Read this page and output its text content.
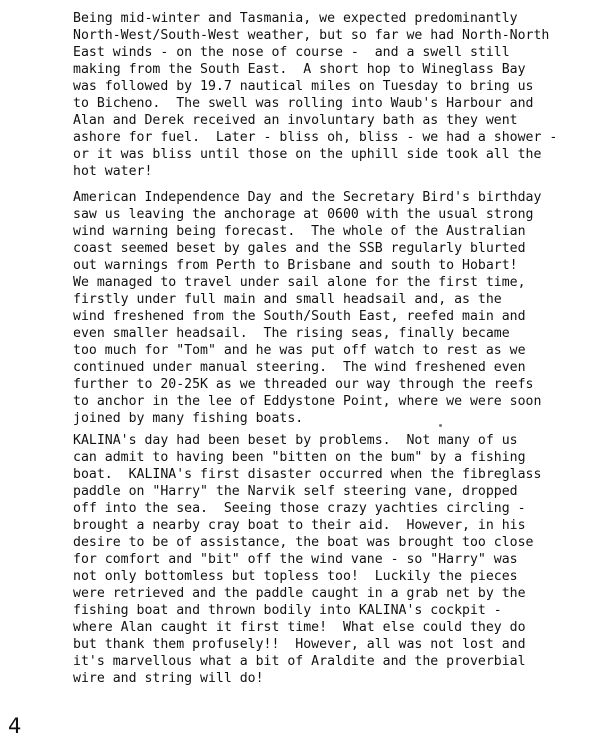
Being mid-winter and Tasmania, we expected predominantly
North-West/South-West weather, but so far we had North-North
East winds - on the nose of course -  and a swell still
making from the South East.  A short hop to Wineglass Bay
was followed by 19.7 nautical miles on Tuesday to bring us
to Bicheno.  The swell was rolling into Waub's Harbour and
Alan and Derek received an involuntary bath as they went
ashore for fuel.  Later - bliss oh, bliss - we had a shower -
or it was bliss until those on the uphill side took all the
hot water!
American Independence Day and the Secretary Bird's birthday
saw us leaving the anchorage at 0600 with the usual strong
wind warning being forecast.  The whole of the Australian
coast seemed beset by gales and the SSB regularly blurted
out warnings from Perth to Brisbane and south to Hobart!
We managed to travel under sail alone for the first time,
firstly under full main and small headsail and, as the
wind freshened from the South/South East, reefed main and
even smaller headsail.  The rising seas, finally became
too much for "Tom" and he was put off watch to rest as we
continued under manual steering.  The wind freshened even
further to 20-25K as we threaded our way through the reefs
to anchor in the lee of Eddystone Point, where we were soon
joined by many fishing boats.
KALINA's day had been beset by problems.  Not many of us
can admit to having been "bitten on the bum" by a fishing
boat.  KALINA's first disaster occurred when the fibreglass
paddle on "Harry" the Narvik self steering vane, dropped
off into the sea.  Seeing those crazy yachties circling -
brought a nearby cray boat to their aid.  However, in his
desire to be of assistance, the boat was brought too close
for comfort and "bit" off the wind vane - so "Harry" was
not only bottomless but topless too!  Luckily the pieces
were retrieved and the paddle caught in a grab net by the
fishing boat and thrown bodily into KALINA's cockpit -
where Alan caught it first time!  What else could they do
but thank them profusely!!  However, all was not lost and
it's marvellous what a bit of Araldite and the proverbial
wire and string will do!
4
